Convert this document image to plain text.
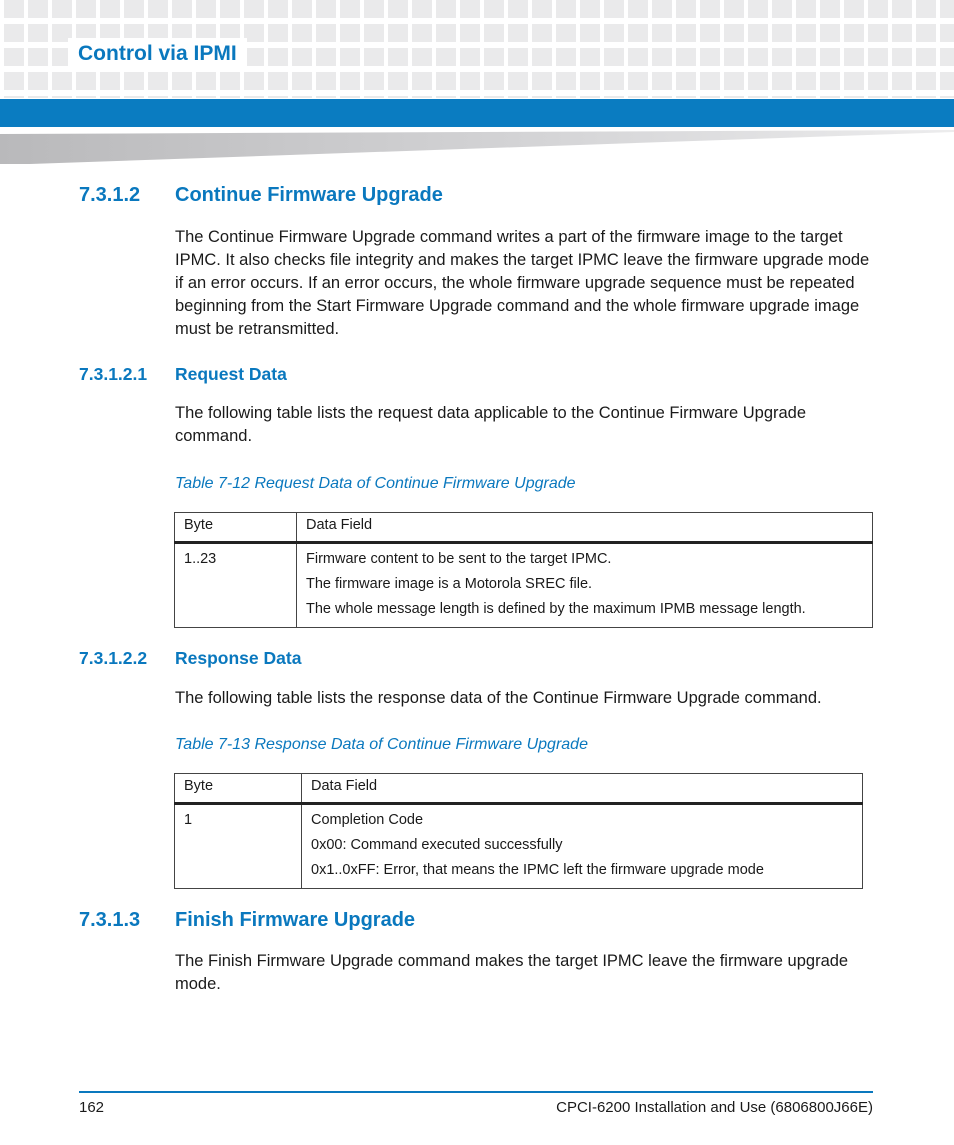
Control via IPMI
7.3.1.2 Continue Firmware Upgrade
The Continue Firmware Upgrade command writes a part of the firmware image to the target IPMC. It also checks file integrity and makes the target IPMC leave the firmware upgrade mode if an error occurs. If an error occurs, the whole firmware upgrade sequence must be repeated beginning from the Start Firmware Upgrade command and the whole firmware upgrade image must be retransmitted.
7.3.1.2.1 Request Data
The following table lists the request data applicable to the Continue Firmware Upgrade command.
Table 7-12 Request Data of Continue Firmware Upgrade
Byte	Data Field

1..23	Firmware content to be sent to the target IPMC.
The firmware image is a Motorola SREC file.
The whole message length is defined by the maximum IPMB message length.
7.3.1.2.2 Response Data
The following table lists the response data of the Continue Firmware Upgrade command.
Table 7-13 Response Data of Continue Firmware Upgrade
Byte	Data Field

1	Completion Code
0x00: Command executed successfully
0x1..0xFF: Error, that means the IPMC left the firmware upgrade mode
7.3.1.3 Finish Firmware Upgrade
The Finish Firmware Upgrade command makes the target IPMC leave the firmware upgrade mode.
162	CPCI-6200 Installation and Use (6806800J66E)
